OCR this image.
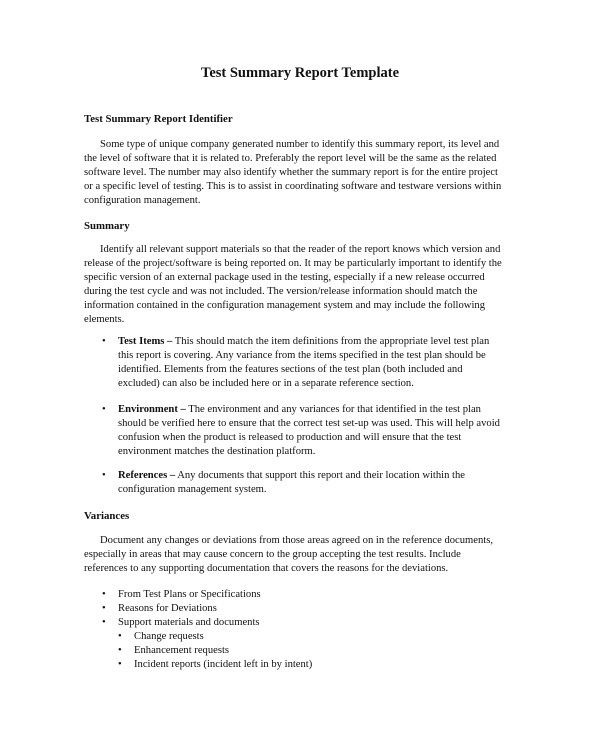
Test Summary Report Template
Test Summary Report Identifier

Some type of unique company generated number to identify this summary report, its level and the level of software that it is related to. Preferably the report level will be the same as the related software level. The number may also identify whether the summary report is for the entire project or a specific level of testing. This is to assist in coordinating software and testware versions within configuration management.

Summary

Identify all relevant support materials so that the reader of the report knows which version and release of the project/software is being reported on. It may be particularly important to identify the specific version of an external package used in the testing, especially if a new release occurred during the test cycle and was not included. The version/release information should match the information contained in the configuration management system and may include the following elements.

• Test Items – This should match the item definitions from the appropriate level test plan this report is covering. Any variance from the items specified in the test plan should be identified. Elements from the features sections of the test plan (both included and excluded) can also be included here or in a separate reference section.
• Environment – The environment and any variances for that identified in the test plan should be verified here to ensure that the correct test set-up was used. This will help avoid confusion when the product is released to production and will ensure that the test environment matches the destination platform.
• References – Any documents that support this report and their location within the configuration management system.
Variances

Document any changes or deviations from those areas agreed on in the reference documents, especially in areas that may cause concern to the group accepting the test results. Include references to any supporting documentation that covers the reasons for the deviations.

• From Test Plans or Specifications
• Reasons for Deviations
• Support materials and documents
• Change requests
• Enhancement requests
• Incident reports (incident left in by intent)
